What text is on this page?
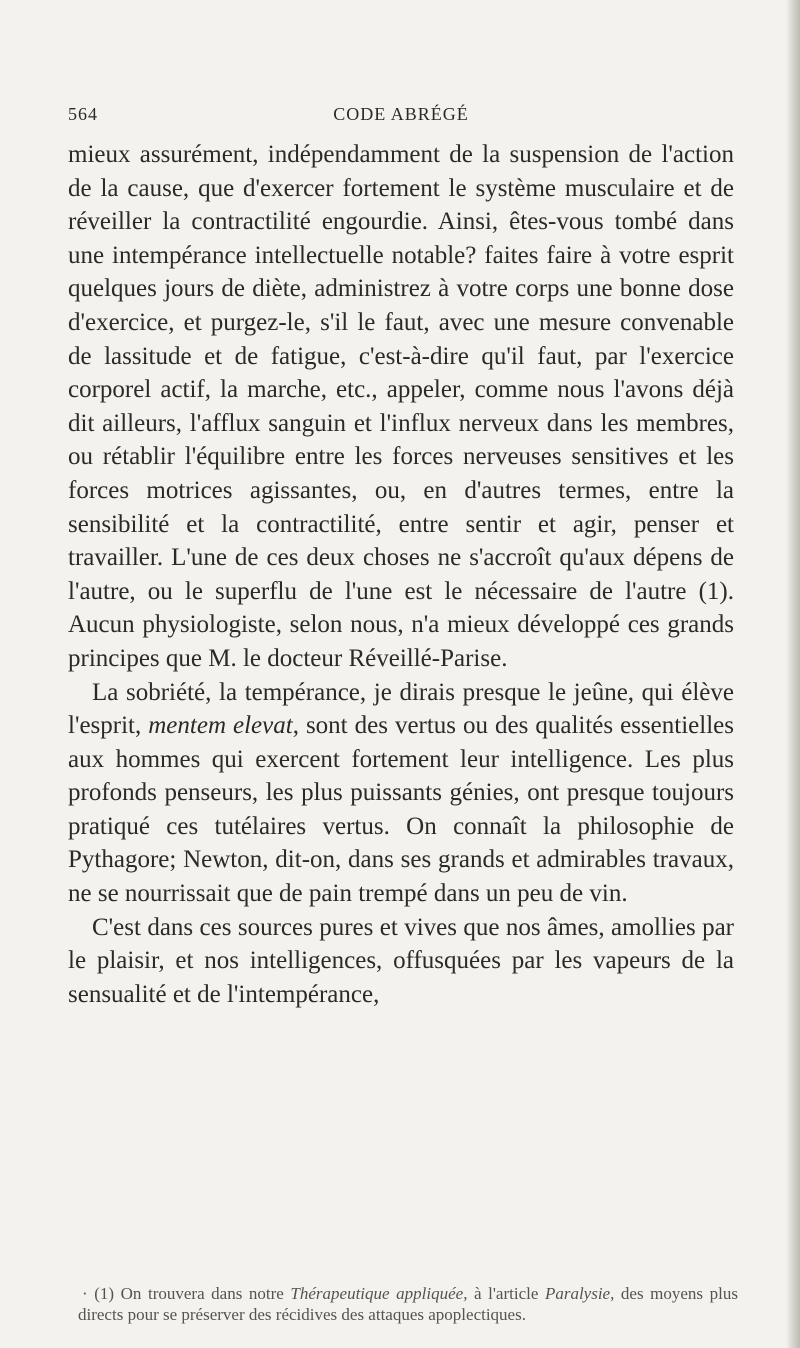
564	CODE ABRÉGÉ

mieux assurément, indépendamment de la suspension de l'action de la cause, que d'exercer fortement le système musculaire et de réveiller la contractilité engourdie. Ainsi, êtes-vous tombé dans une intempérance intellectuelle notable? faites faire à votre esprit quelques jours de diète, administrez à votre corps une bonne dose d'exercice, et purgez-le, s'il le faut, avec une mesure convenable de lassitude et de fatigue, c'est-à-dire qu'il faut, par l'exercice corporel actif, la marche, etc., appeler, comme nous l'avons déjà dit ailleurs, l'afflux sanguin et l'influx nerveux dans les membres, ou rétablir l'équilibre entre les forces nerveuses sensitives et les forces motrices agissantes, ou, en d'autres termes, entre la sensibilité et la contractilité, entre sentir et agir, penser et travailler. L'une de ces deux choses ne s'accroît qu'aux dépens de l'autre, ou le superflu de l'une est le nécessaire de l'autre (1). Aucun physiologiste, selon nous, n'a mieux développé ces grands principes que M. le docteur Réveillé-Parise.

La sobriété, la tempérance, je dirais presque le jeûne, qui élève l'esprit, mentem elevat, sont des vertus ou des qualités essentielles aux hommes qui exercent fortement leur intelligence. Les plus profonds penseurs, les plus puissants génies, ont presque toujours pratiqué ces tutélaires vertus. On connaît la philosophie de Pythagore; Newton, dit-on, dans ses grands et admirables travaux, ne se nourrissait que de pain trempé dans un peu de vin.

C'est dans ces sources pures et vives que nos âmes, amollies par le plaisir, et nos intelligences, offusquées par les vapeurs de la sensualité et de l'intempérance,

· (1) On trouvera dans notre Thérapeutique appliquée, à l'article Paralysie, des moyens plus directs pour se préserver des récidives des attaques apoplectiques.
